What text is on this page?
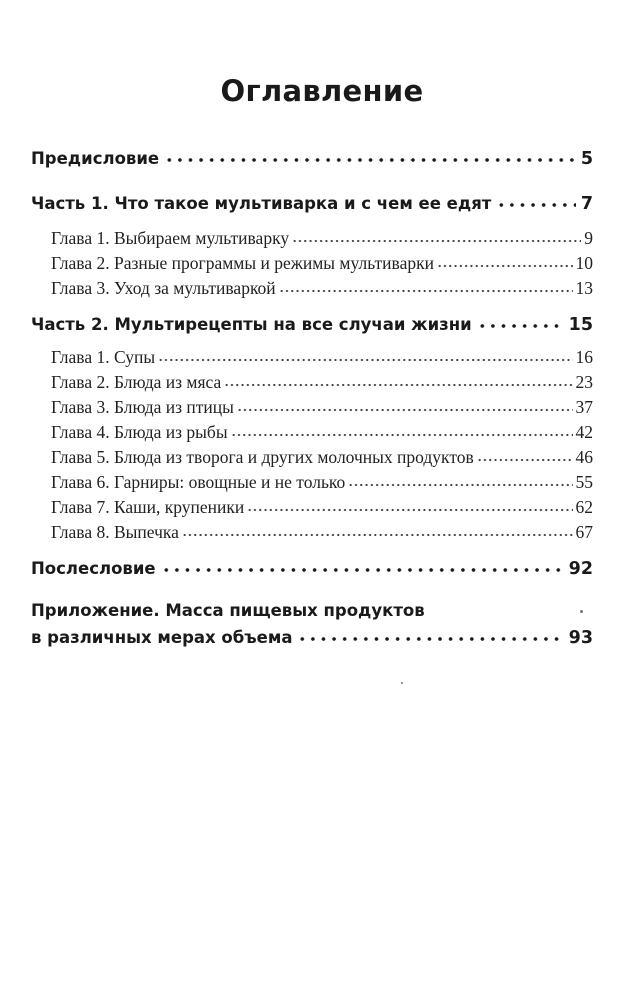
Оглавление
Предисловие	5
Часть 1. Что такое мультиварка и с чем ее едят	7
Глава 1. Выбираем мультиварку	9
Глава 2. Разные программы и режимы мультиварки	10
Глава 3. Уход за мультиваркой	13
Часть 2. Мультирецепты на все случаи жизни	15
Глава 1. Супы	16
Глава 2. Блюда из мяса	23
Глава 3. Блюда из птицы	37
Глава 4. Блюда из рыбы	42
Глава 5. Блюда из творога и других молочных продуктов	46
Глава 6. Гарниры: овощные и не только	55
Глава 7. Каши, крупеники	62
Глава 8. Выпечка	67
Послесловие	92
Приложение. Масса пищевых продуктов
в различных мерах объема	93
